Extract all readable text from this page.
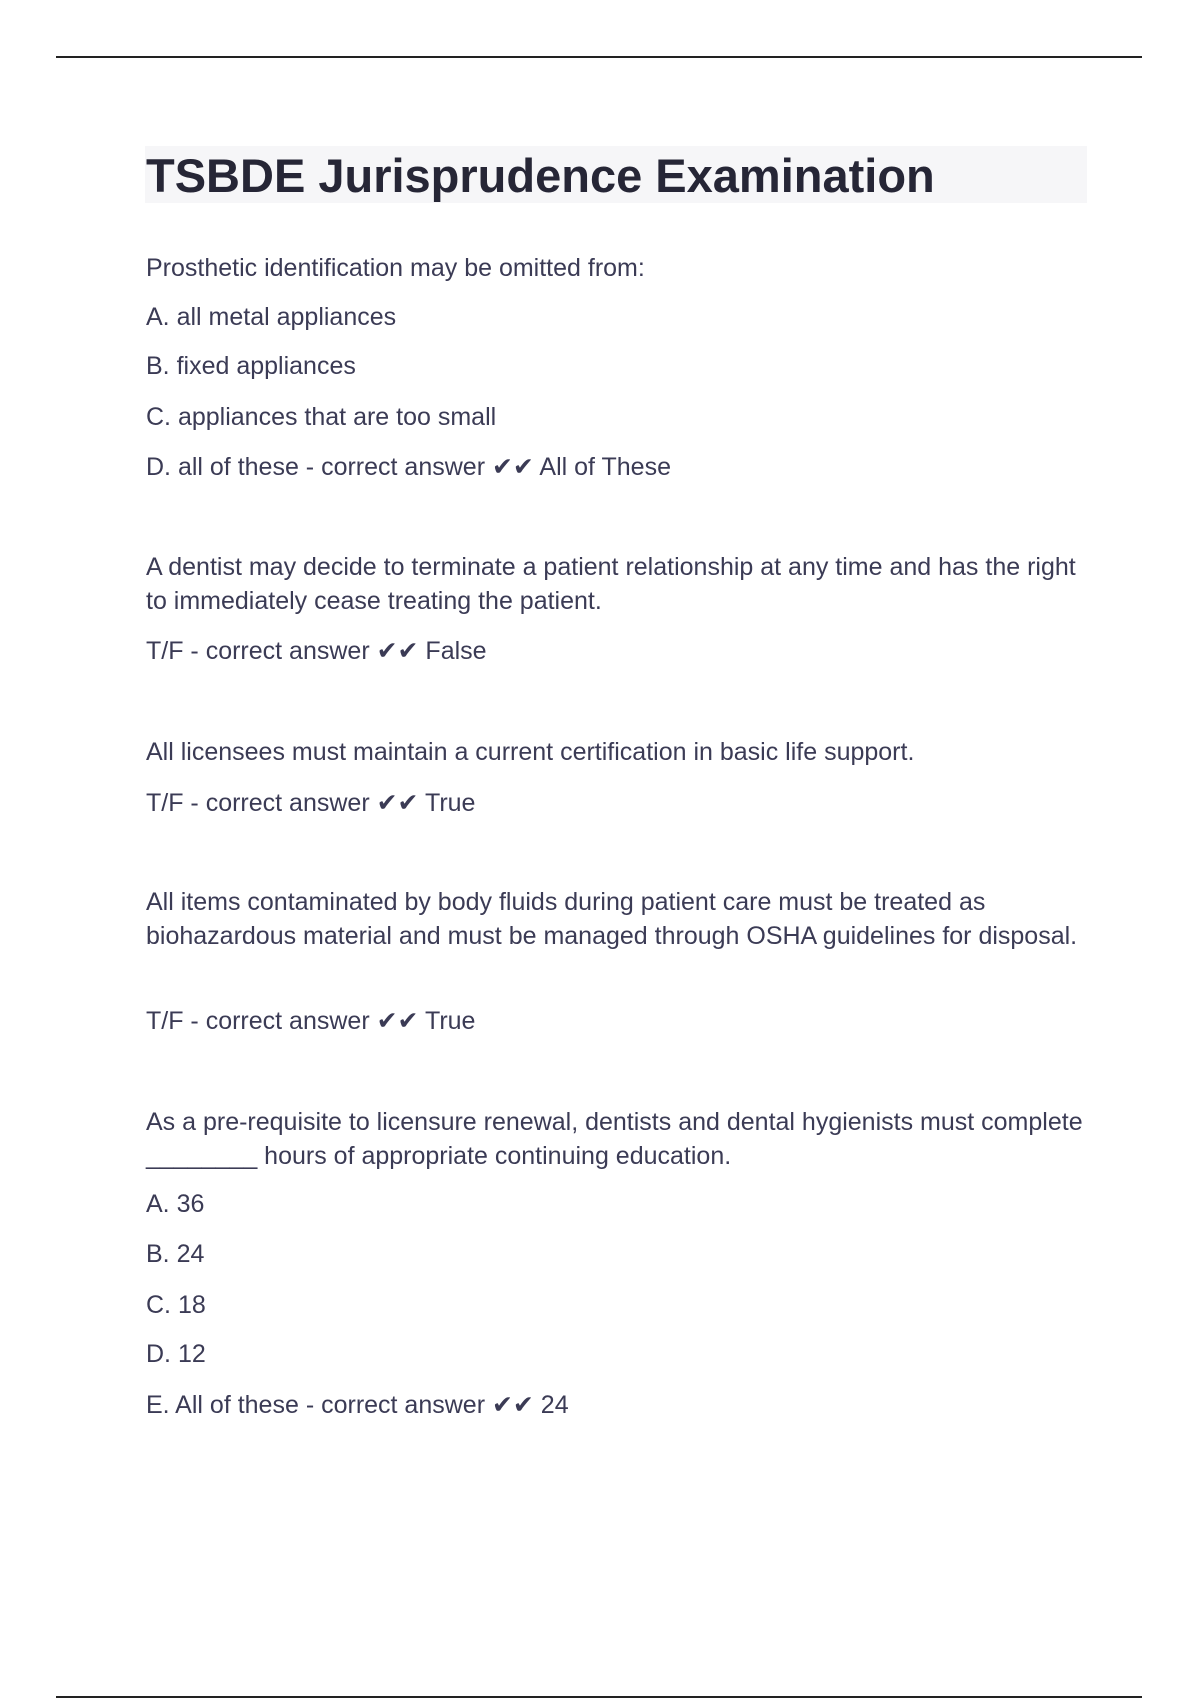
TSBDE Jurisprudence Examination
Prosthetic identification may be omitted from:
A. all metal appliances
B. fixed appliances
C. appliances that are too small
D. all of these - correct answer ✔✔ All of These
A dentist may decide to terminate a patient relationship at any time and has the right to immediately cease treating the patient.
T/F - correct answer ✔✔ False
All licensees must maintain a current certification in basic life support.
T/F - correct answer ✔✔ True
All items contaminated by body fluids during patient care must be treated as biohazardous material and must be managed through OSHA guidelines for disposal.
T/F - correct answer ✔✔ True
As a pre-requisite to licensure renewal, dentists and dental hygienists must complete ________ hours of appropriate continuing education.
A. 36
B. 24
C. 18
D. 12
E. All of these - correct answer ✔✔ 24
